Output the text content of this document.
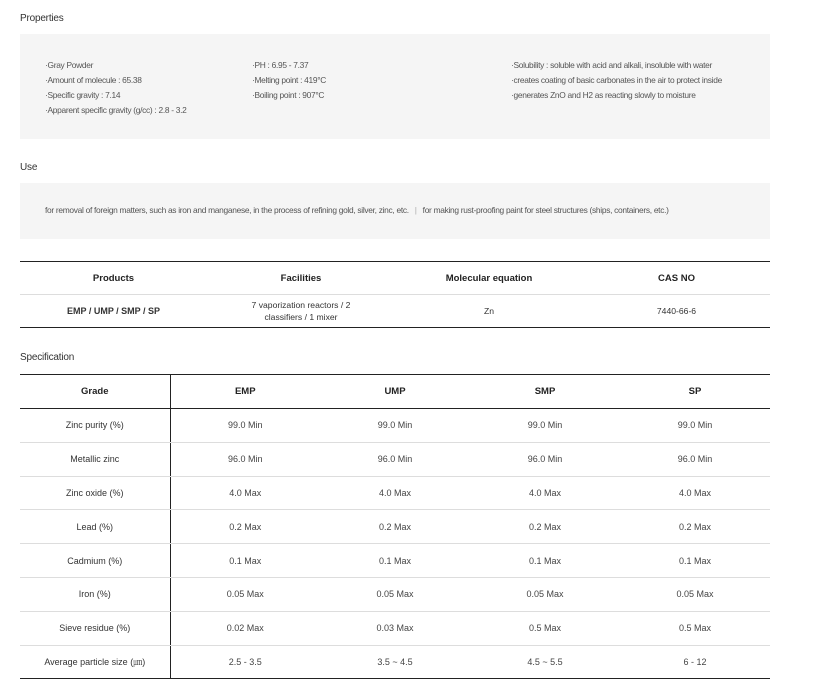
Properties
·Gray Powder
·Amount of molecule : 65.38
·Specific gravity : 7.14
·Apparent specific gravity (g/cc) : 2.8 - 3.2
·PH : 6.95 - 7.37
·Melting point : 419°C
·Boiling point : 907°C
·Solubility : soluble with acid and alkali, insoluble with water
·creates coating of basic carbonates in the air to protect inside
·generates ZnO and H2 as reacting slowly to moisture
Use
for removal of foreign matters, such as iron and manganese, in the process of refining gold, silver, zinc, etc. | for making rust-proofing paint for steel structures (ships, containers, etc.)
Products	Facilities	Molecular equation	CAS NO
EMP / UMP / SMP / SP	7 vaporization reactors / 2 classifiers / 1 mixer	Zn	7440-66-6
Specification
Grade	EMP	UMP	SMP	SP
Zinc purity (%)	99.0 Min	99.0 Min	99.0 Min	99.0 Min
Metallic zinc	96.0 Min	96.0 Min	96.0 Min	96.0 Min
Zinc oxide (%)	4.0 Max	4.0 Max	4.0 Max	4.0 Max
Lead (%)	0.2 Max	0.2 Max	0.2 Max	0.2 Max
Cadmium (%)	0.1 Max	0.1 Max	0.1 Max	0.1 Max
Iron (%)	0.05 Max	0.05 Max	0.05 Max	0.05 Max
Sieve residue (%)	0.02 Max	0.03 Max	0.5 Max	0.5 Max
Average particle size (㎛)	2.5 - 3.5	3.5 ~ 4.5	4.5 ~ 5.5	6 - 12
